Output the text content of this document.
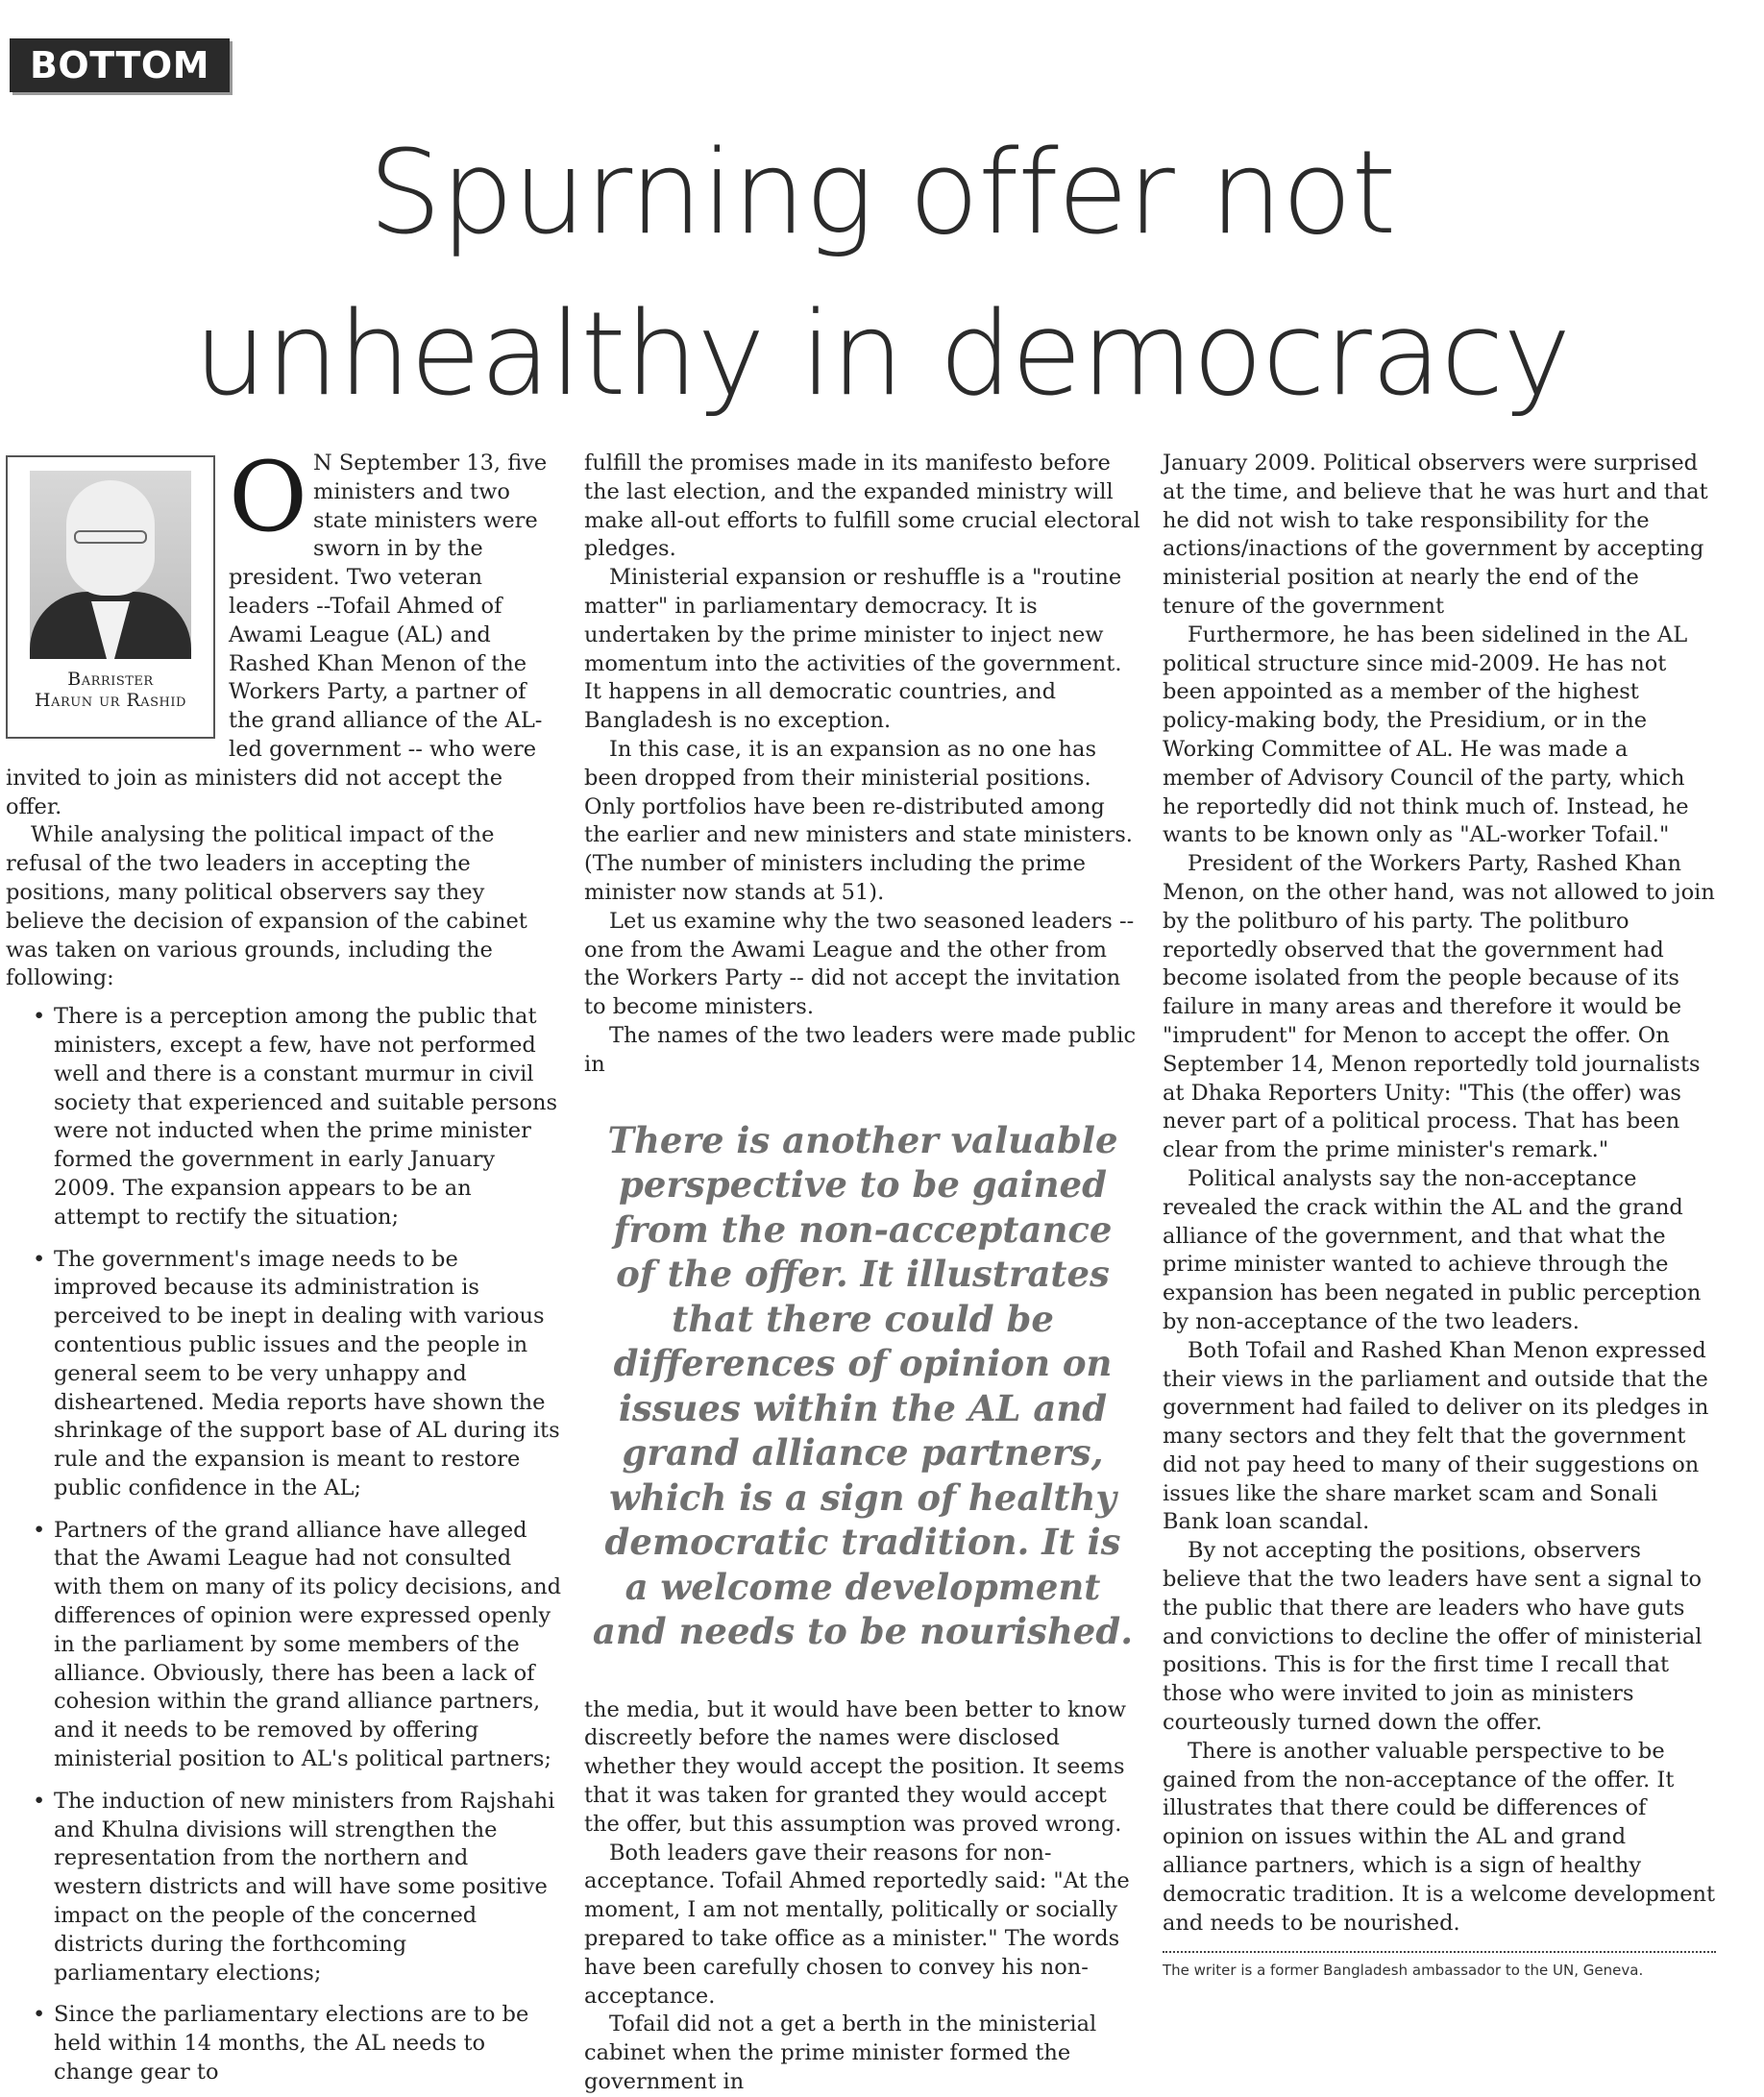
BOTTOM LINE
Spurning offer not
unhealthy in democracy
Barrister
Harun ur Rashid
O N September 13, five ministers and two state ministers were sworn in by the president. Two veteran leaders --Tofail Ahmed of Awami League (AL) and Rashed Khan Menon of the Workers Party, a partner of the grand alliance of the AL-led government -- who were invited to join as ministers did not accept the offer.

While analysing the political impact of the refusal of the two leaders in accepting the positions, many political observers say they believe the decision of expansion of the cabinet was taken on various grounds, including the following:

• There is a perception among the public that ministers, except a few, have not performed well and there is a constant murmur in civil society that experienced and suitable persons were not inducted when the prime minister formed the government in early January 2009. The expansion appears to be an attempt to rectify the situation;
• The government's image needs to be improved because its administration is perceived to be inept in dealing with various contentious public issues and the people in general seem to be very unhappy and disheartened. Media reports have shown the shrinkage of the support base of AL during its rule and the expansion is meant to restore public confidence in the AL;
• Partners of the grand alliance have alleged that the Awami League had not consulted with them on many of its policy decisions, and differences of opinion were expressed openly in the parliament by some members of the alliance. Obviously, there has been a lack of cohesion within the grand alliance partners, and it needs to be removed by offering ministerial position to AL's political partners;
• The induction of new ministers from Rajshahi and Khulna divisions will strengthen the representation from the northern and western districts and will have some positive impact on the people of the concerned districts during the forthcoming parliamentary elections;
• Since the parliamentary elections are to be held within 14 months, the AL needs to change gear to

fulfill the promises made in its manifesto before the last election, and the expanded ministry will make all-out efforts to fulfill some crucial electoral pledges.

Ministerial expansion or reshuffle is a "routine matter" in parliamentary democracy. It is undertaken by the prime minister to inject new momentum into the activities of the government. It happens in all democratic countries, and Bangladesh is no exception.

In this case, it is an expansion as no one has been dropped from their ministerial positions. Only portfolios have been re-distributed among the earlier and new ministers and state ministers. (The number of ministers including the prime minister now stands at 51).

Let us examine why the two seasoned leaders -- one from the Awami League and the other from the Workers Party -- did not accept the invitation to become ministers.

The names of the two leaders were made public in

There is another valuable perspective to be gained from the non-acceptance of the offer. It illustrates that there could be differences of opinion on issues within the AL and grand alliance partners, which is a sign of healthy democratic tradition. It is a welcome development and needs to be nourished.

the media, but it would have been better to know discreetly before the names were disclosed whether they would accept the position. It seems that it was taken for granted they would accept the offer, but this assumption was proved wrong.

Both leaders gave their reasons for non-acceptance. Tofail Ahmed reportedly said: "At the moment, I am not mentally, politically or socially prepared to take office as a minister." The words have been carefully chosen to convey his non-acceptance.

Tofail did not a get a berth in the ministerial cabinet when the prime minister formed the government in

January 2009. Political observers were surprised at the time, and believe that he was hurt and that he did not wish to take responsibility for the actions/inactions of the government by accepting ministerial position at nearly the end of the tenure of the government

Furthermore, he has been sidelined in the AL political structure since mid-2009. He has not been appointed as a member of the highest policy-making body, the Presidium, or in the Working Committee of AL. He was made a member of Advisory Council of the party, which he reportedly did not think much of. Instead, he wants to be known only as "AL-worker Tofail."

President of the Workers Party, Rashed Khan Menon, on the other hand, was not allowed to join by the politburo of his party. The politburo reportedly observed that the government had become isolated from the people because of its failure in many areas and therefore it would be "imprudent" for Menon to accept the offer. On September 14, Menon reportedly told journalists at Dhaka Reporters Unity: "This (the offer) was never part of a political process. That has been clear from the prime minister's remark."

Political analysts say the non-acceptance revealed the crack within the AL and the grand alliance of the government, and that what the prime minister wanted to achieve through the expansion has been negated in public perception by non-acceptance of the two leaders.

Both Tofail and Rashed Khan Menon expressed their views in the parliament and outside that the government had failed to deliver on its pledges in many sectors and they felt that the government did not pay heed to many of their suggestions on issues like the share market scam and Sonali Bank loan scandal.

By not accepting the positions, observers believe that the two leaders have sent a signal to the public that there are leaders who have guts and convictions to decline the offer of ministerial positions. This is for the first time I recall that those who were invited to join as ministers courteously turned down the offer.

There is another valuable perspective to be gained from the non-acceptance of the offer. It illustrates that there could be differences of opinion on issues within the AL and grand alliance partners, which is a sign of healthy democratic tradition. It is a welcome development and needs to be nourished.

The writer is a former Bangladesh ambassador to the UN, Geneva.
